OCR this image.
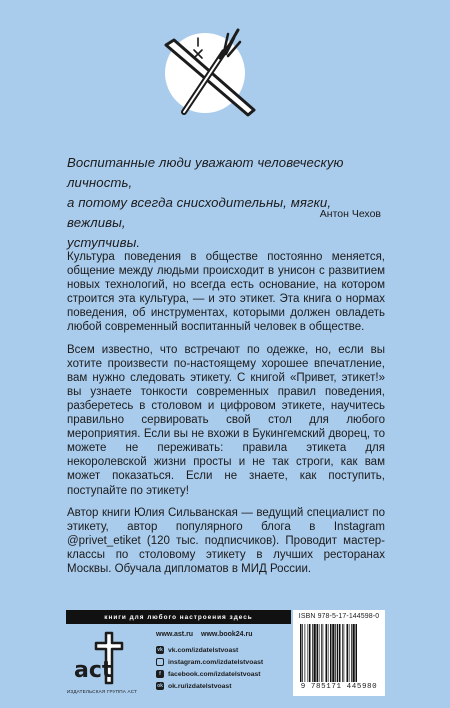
Воспитанные люди уважают человеческую личность,

а потому всегда снисходительны, мягки, вежливы,

уступчивы.

Антон Чехов

Культура поведения в обществе постоянно меняется, общение между людьми происходит в унисон с развитием новых технологий, но всегда есть основание, на котором строится эта культура, — и это этикет. Эта книга о нормах поведения, об инструментах, которыми должен овладеть любой современный воспитанный человек в обществе.

Всем известно, что встречают по одежке, но, если вы хотите произвести по-настоящему хорошее впечатление, вам нужно следовать этикету. С книгой «Привет, этикет!» вы узнаете тонкости современных правил поведения, разберетесь в столовом и цифровом этикете, научитесь правильно сервировать свой стол для любого мероприятия. Если вы не вхожи в Букингемский дворец, то можете не переживать: правила этикета для некоролевской жизни просты и не так строги, как вам может показаться. Если не знаете, как поступить, поступайте по этикету!

Автор книги Юлия Сильванская — ведущий специалист по этикету, автор популярного блога в Instagram @privet_etiket (120 тыс. подписчиков). Проводит мастер-классы по столовому этикету в лучших ресторанах Москвы. Обучала дипломатов в МИД России.

книги для любого настроения здесь
act
ИЗДАТЕЛЬСКАЯ ГРУППА АСТ
www.ast.ru www.book24.ru
vk vk.com/izdatelstvoast
instagram.com/izdatelstvoast
f	facebook.com/izdatelstvoast
ok ok.ru/izdatelstvoast
ISBN 978-5-17-144598-0
9 785171 445980
